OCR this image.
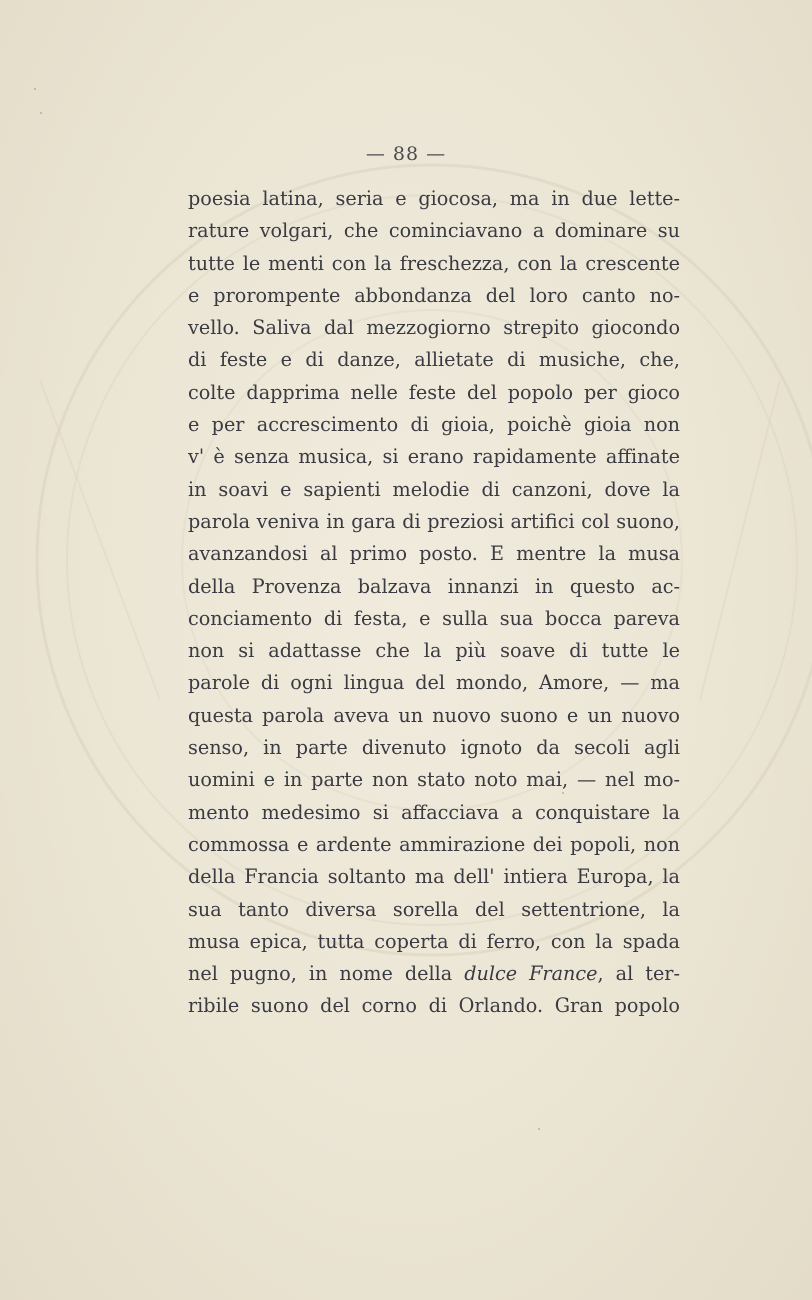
— 88 —
poesia latina, seria e giocosa, ma in due lette-
rature volgari, che cominciavano a dominare su
tutte le menti con la freschezza, con la crescente
e prorompente abbondanza del loro canto no-
vello. Saliva dal mezzogiorno strepito giocondo
di feste e di danze, allietate di musiche, che,
colte dapprima nelle feste del popolo per gioco
e per accrescimento di gioia, poichè gioia non
v' è senza musica, si erano rapidamente affinate
in soavi e sapienti melodie di canzoni, dove la
parola veniva in gara di preziosi artifici col suono,
avanzandosi al primo posto. E mentre la musa
della Provenza balzava innanzi in questo ac-
conciamento di festa, e sulla sua bocca pareva
non si adattasse che la più soave di tutte le
parole di ogni lingua del mondo, Amore, — ma
questa parola aveva un nuovo suono e un nuovo
senso, in parte divenuto ignoto da secoli agli
uomini e in parte non stato noto mai, — nel mo-
mento medesimo si affacciava a conquistare la
commossa e ardente ammirazione dei popoli, non
della Francia soltanto ma dell' intiera Europa, la
sua tanto diversa sorella del settentrione, la
musa epica, tutta coperta di ferro, con la spada
nel pugno, in nome della dulce France, al ter-
ribile suono del corno di Orlando. Gran popolo
